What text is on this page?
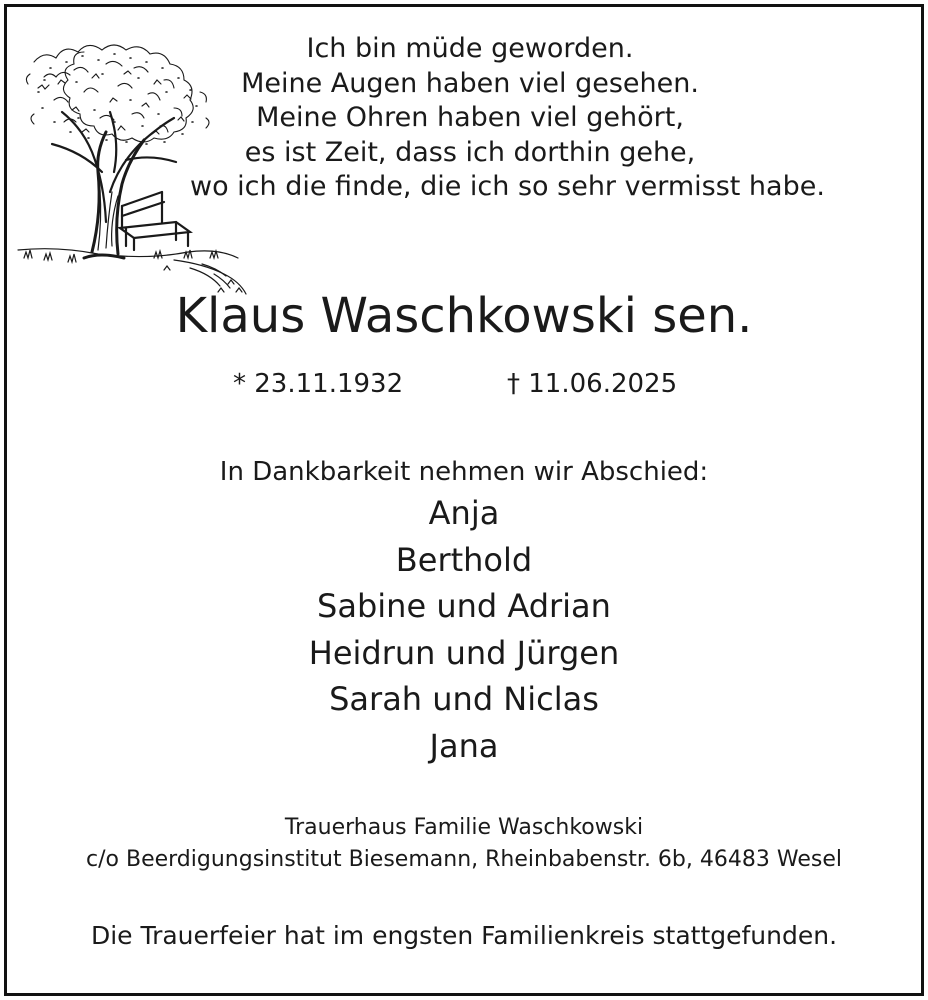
Ich bin müde geworden.
Meine Augen haben viel gesehen.
Meine Ohren haben viel gehört,
es ist Zeit, dass ich dorthin gehe,
wo ich die finde, die ich so sehr vermisst habe.
Klaus Waschkowski sen.
* 23.11.1932	† 11.06.2025
In Dankbarkeit nehmen wir Abschied:
Anja
Berthold
Sabine und Adrian
Heidrun und Jürgen
Sarah und Niclas
Jana
Trauerhaus Familie Waschkowski
c/o Beerdigungsinstitut Biesemann, Rheinbabenstr. 6b, 46483 Wesel
Die Trauerfeier hat im engsten Familienkreis stattgefunden.
